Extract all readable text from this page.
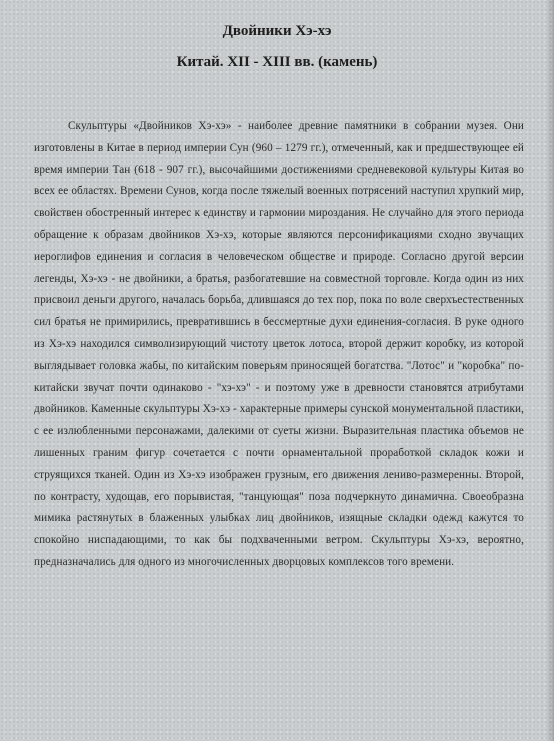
Двойники Хэ-хэ

Китай. XII - XIII вв. (камень)

Скульптуры «Двойников Хэ-хэ» - наиболее древние памятники в собрании музея. Они изготовлены в Китае в период империи Сун (960 – 1279 гг.), отмеченный, как и предшествующее ей время империи Тан (618 - 907 гг.), высочайшими достижениями средневековой культуры Китая во всех ее областях. Времени Сунов, когда после тяжелый военных потрясений наступил хрупкий мир, свойствен обостренный интерес к единству и гармонии мироздания. Не случайно для этого периода обращение к образам двойников Хэ-хэ, которые являются персонификациями сходно звучащих иероглифов единения и согласия в человеческом обществе и природе. Согласно другой версии легенды, Хэ-хэ - не двойники, а братья, разбогатевшие на совместной торговле. Когда один из них присвоил деньги другого, началась борьба, длившаяся до тех пор, пока по воле сверхъестественных сил братья не примирились, превратившись в бессмертные духи единения-согласия. В руке одного из Хэ-хэ находился символизирующий чистоту цветок лотоса, второй держит коробку, из которой выглядывает головка жабы, по китайским поверьям приносящей богатства. "Лотос" и "коробка" по-китайски звучат почти одинаково - "хэ-хэ" - и поэтому уже в древности становятся атрибутами двойников. Каменные скульптуры Хэ-хэ - характерные примеры сунской монументальной пластики, с ее излюбленными персонажами, далекими от суеты жизни. Выразительная пластика объемов не лишенных граним фигур сочетается с почти орнаментальной проработкой складок кожи и струящихся тканей. Один из Хэ-хэ изображен грузным, его движения лениво-размеренны. Второй, по контрасту, худощав, его порывистая, "танцующая" поза подчеркнуто динамична. Своеобразна мимика растянутых в блаженных улыбках лиц двойников, изящные складки одежд кажутся то спокойно ниспадающими, то как бы подхваченными ветром. Скульптуры Хэ-хэ, вероятно, предназначались для одного из многочисленных дворцовых комплексов того времени.
